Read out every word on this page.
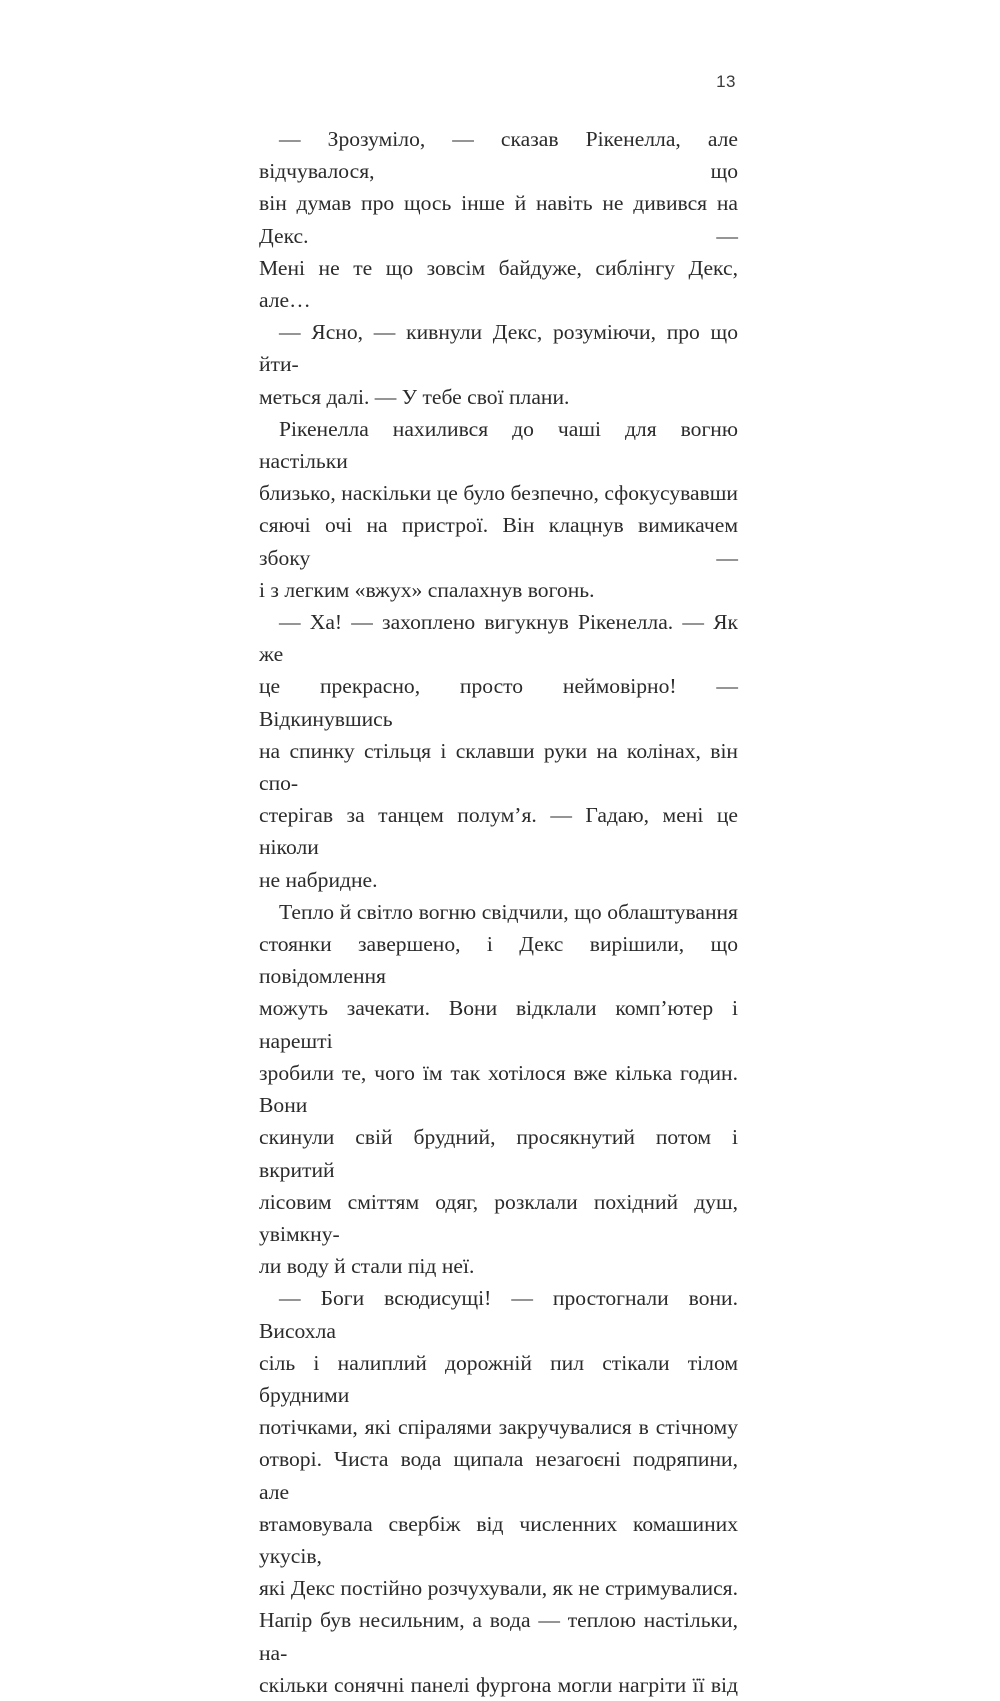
13

— Зрозуміло, — сказав Рікенелла, але відчувалося, що
він думав про щось інше й навіть не дивився на Декс. —
Мені не те що зовсім байдуже, сиблінгу Декс, але…

— Ясно, — кивнули Декс, розуміючи, про що йти-
меться далі. — У тебе свої плани.

Рікенелла нахилився до чаші для вогню настільки
близько, наскільки це було безпечно, сфокусувавши
сяючі очі на пристрої. Він клацнув вимикачем збоку —
і з легким «вжух» спалахнув вогонь.

— Ха! — захоплено вигукнув Рікенелла. — Як же
це прекрасно, просто неймовірно! — Відкинувшись
на спинку стільця і склавши руки на колінах, він спо-
стерігав за танцем полум’я. — Гадаю, мені це ніколи
не набридне.

Тепло й світло вогню свідчили, що облаштування
стоянки завершено, і Декс вирішили, що повідомлення
можуть зачекати. Вони відклали комп’ютер і нарешті
зробили те, чого їм так хотілося вже кілька годин. Вони
скинули свій брудний, просякнутий потом і вкритий
лісовим сміттям одяг, розклали похідний душ, увімкну-
ли воду й стали під неї.

— Боги всюдисущі! — простогнали вони. Висохла
сіль і налиплий дорожній пил стікали тілом брудними
потічками, які спіралями закручувалися в стічному
отворі. Чиста вода щипала незагоєні подряпини, але
втамовувала свербіж від численних комашиних укусів,
які Декс постійно розчухували, як не стримувалися.
Напір був несильним, а вода — теплою настільки, на-
скільки сонячні панелі фургона могли нагріти її від
